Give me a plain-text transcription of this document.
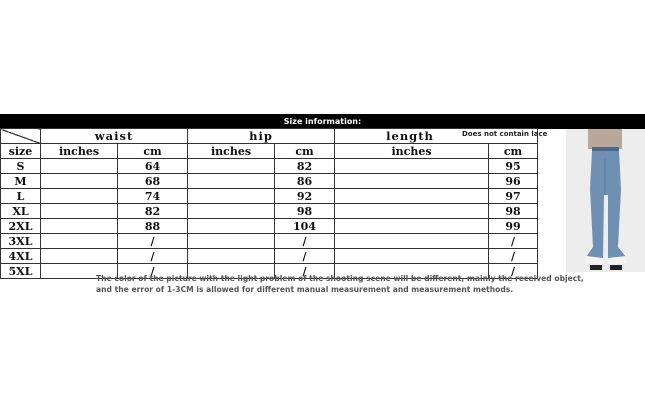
Size information:
	waist		hip		length	
size	inches	cm	inches	cm	inches	cm
S		64		82		95
M		68		86		96
L		74		92		97
XL		82		98		98
2XL		88		104		99
3XL		/		/		/
4XL		/		/		/
5XL		/		/		/
Does not contain lace
The color of the picture with the light problem of the shooting scene will be different, mainly the received object, and the error of 1-3CM is allowed for different manual measurement and measurement methods.
